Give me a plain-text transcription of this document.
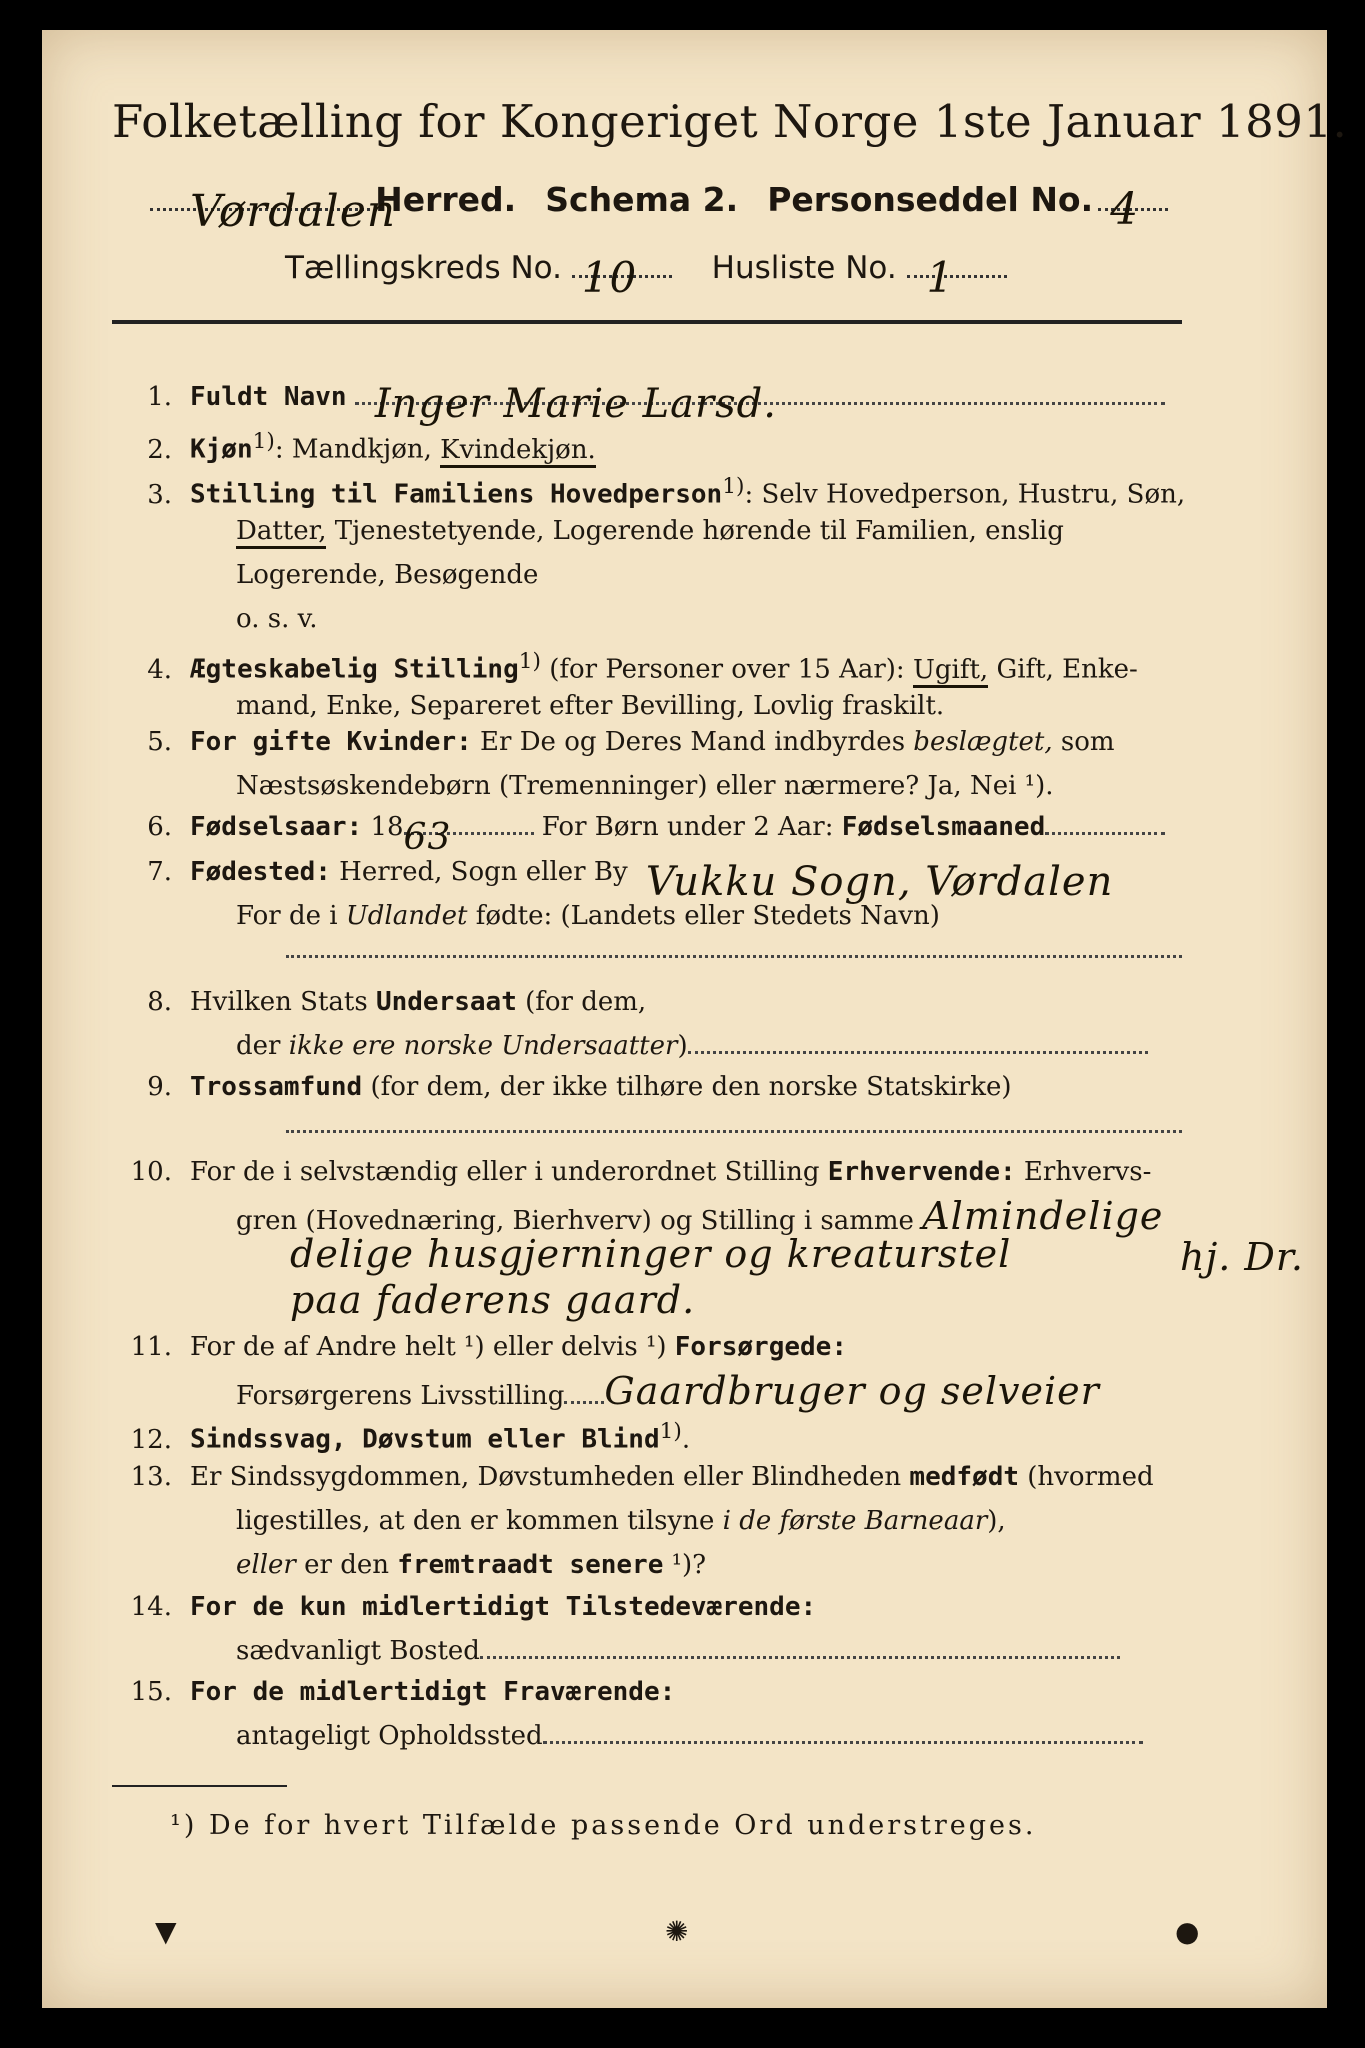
Folketælling for Kongeriget Norge 1ste Januar 1891.
Vørdalen
Herred. Schema 2. Personseddel No. 4
Tællingskreds No. 10 Husliste No. 1
1. Fuldt Navn Inger Marie Larsd.
2. Kjøn$^{1)}$: Mandkjøn, Kvindekjøn.
3. Stilling til Familiens Hovedperson$^{1)}$: Selv Hovedperson, Hustru, Søn,
Datter, Tjenestetyende, Logerende hørende til Familien, enslig
Logerende, Besøgende
o. s. v.
4. Ægteskabelig Stilling$^{1)}$ (for Personer over 15 Aar): Ugift, Gift, Enke-
mand, Enke, Separeret efter Bevilling, Lovlig fraskilt.
5. For gifte Kvinder: Er De og Deres Mand indbyrdes beslægtet, som
Næstsøskendebørn (Tremenninger) eller nærmere? Ja, Nei ¹).
6. Fødselsaar: 18 63	For Børn under 2 Aar: Fødselsmaaned
7. Fødested: Herred, Sogn eller By Vukku Sogn, Vørdalen
For de i Udlandet fødte: (Landets eller Stedets Navn)
8. Hvilken Stats Undersaat (for dem,
der ikke ere norske Undersaatter)
9. Trossamfund (for dem, der ikke tilhøre den norske Statskirke)
10. For de i selvstændig eller i underordnet Stilling Erhvervende: Erhvervs-
gren (Hovednæring, Bierhverv) og Stilling i samme Almindelige
delige husgjerninger og kreaturstel	hj. Dr.
paa faderens gaard.
11. For de af Andre helt ¹) eller delvis ¹) Forsørgede:
Forsørgerens Livsstilling Gaardbruger og selveier
12. Sindssvag, Døvstum eller Blind$^{1)}$.
13. Er Sindssygdommen, Døvstumheden eller Blindheden medfødt (hvormed
ligestilles, at den er kommen tilsyne i de første Barneaar),
eller er den fremtraadt senere ¹)?
14. For de kun midlertidigt Tilstedeværende:
sædvanligt Bosted
15. For de midlertidigt Fraværende:
antageligt Opholdssted
¹) De for hvert Tilfælde passende Ord understreges.
▼	✺	●
